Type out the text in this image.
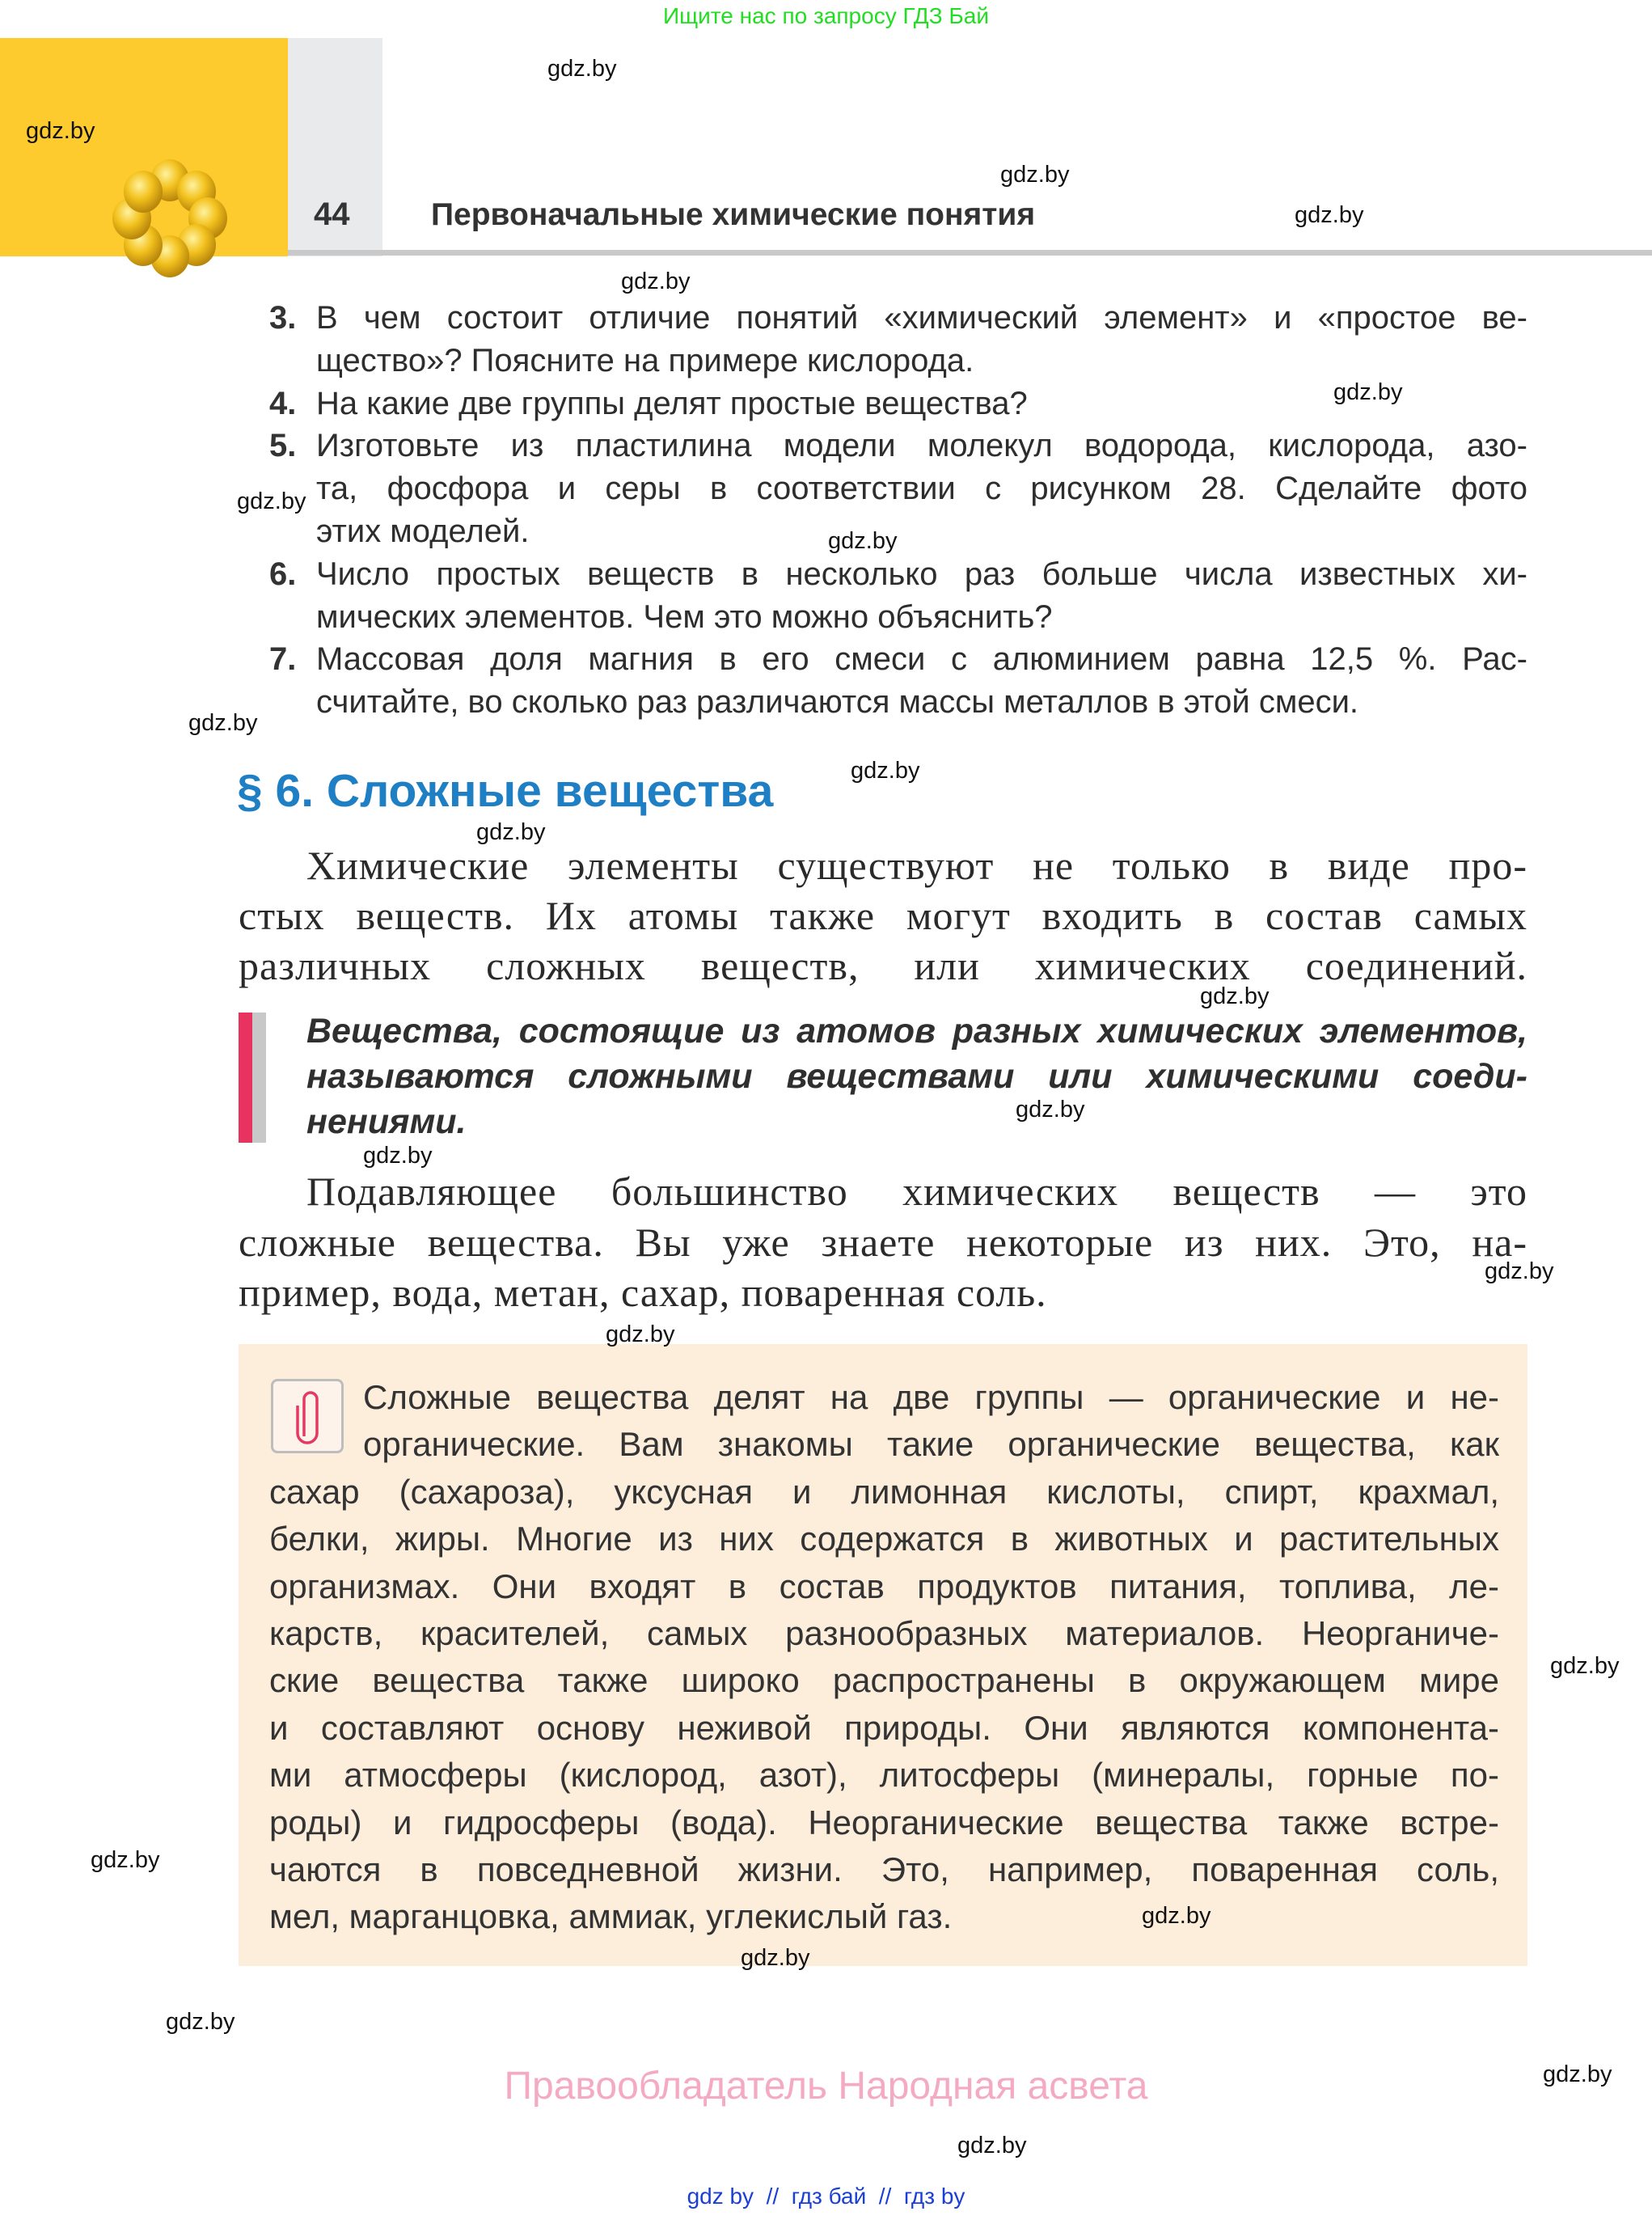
Ищите нас по запросу ГДЗ Бай
44	Первоначальные химические понятия
3. В чем состоит отличие понятий «химический элемент» и «простое ве-
щество»? Поясните на примере кислорода.
4. На какие две группы делят простые вещества?
5. Изготовьте из пластилина модели молекул водорода, кислорода, азо-
та, фосфора и серы в соответствии с рисунком 28. Сделайте фото
этих моделей.
6. Число простых веществ в несколько раз больше числа известных хи-
мических элементов. Чем это можно объяснить?
7. Массовая доля магния в его смеси с алюминием равна 12,5 %. Рас-
считайте, во сколько раз различаются массы металлов в этой смеси.
§ 6. Сложные вещества
Химические элементы существуют не только в виде про-
стых веществ. Их атомы также могут входить в состав самых
различных сложных веществ, или химических соединений.
Вещества, состоящие из атомов разных химических элементов,
называются сложными веществами или химическими соеди-
нениями.
Подавляющее большинство химических веществ — это
сложные вещества. Вы уже знаете некоторые из них. Это, на-
пример, вода, метан, сахар, поваренная соль.
Сложные вещества делят на две группы — органические и не-
органические. Вам знакомы такие органические вещества, как
сахар (сахароза), уксусная и лимонная кислоты, спирт, крахмал,
белки, жиры. Многие из них содержатся в животных и растительных
организмах. Они входят в состав продуктов питания, топлива, ле-
карств, красителей, самых разнообразных материалов. Неорганиче-
ские вещества также широко распространены в окружающем мире
и составляют основу неживой природы. Они являются компонента-
ми атмосферы (кислород, азот), литосферы (минералы, горные по-
роды) и гидросферы (вода). Неорганические вещества также встре-
чаются в повседневной жизни. Это, например, поваренная соль,
мел, марганцовка, аммиак, углекислый газ.
Правообладатель Народная асвета
gdz by  //  гдз бай  //  гдз by
gdz.by
gdz.by
gdz.by
gdz.by
gdz.by
gdz.by
gdz.by
gdz.by
gdz.by
gdz.by
gdz.by
gdz.by
gdz.by
gdz.by
gdz.by
gdz.by
gdz.by
gdz.by
gdz.by
gdz.by
gdz.by
gdz.by
gdz.by
